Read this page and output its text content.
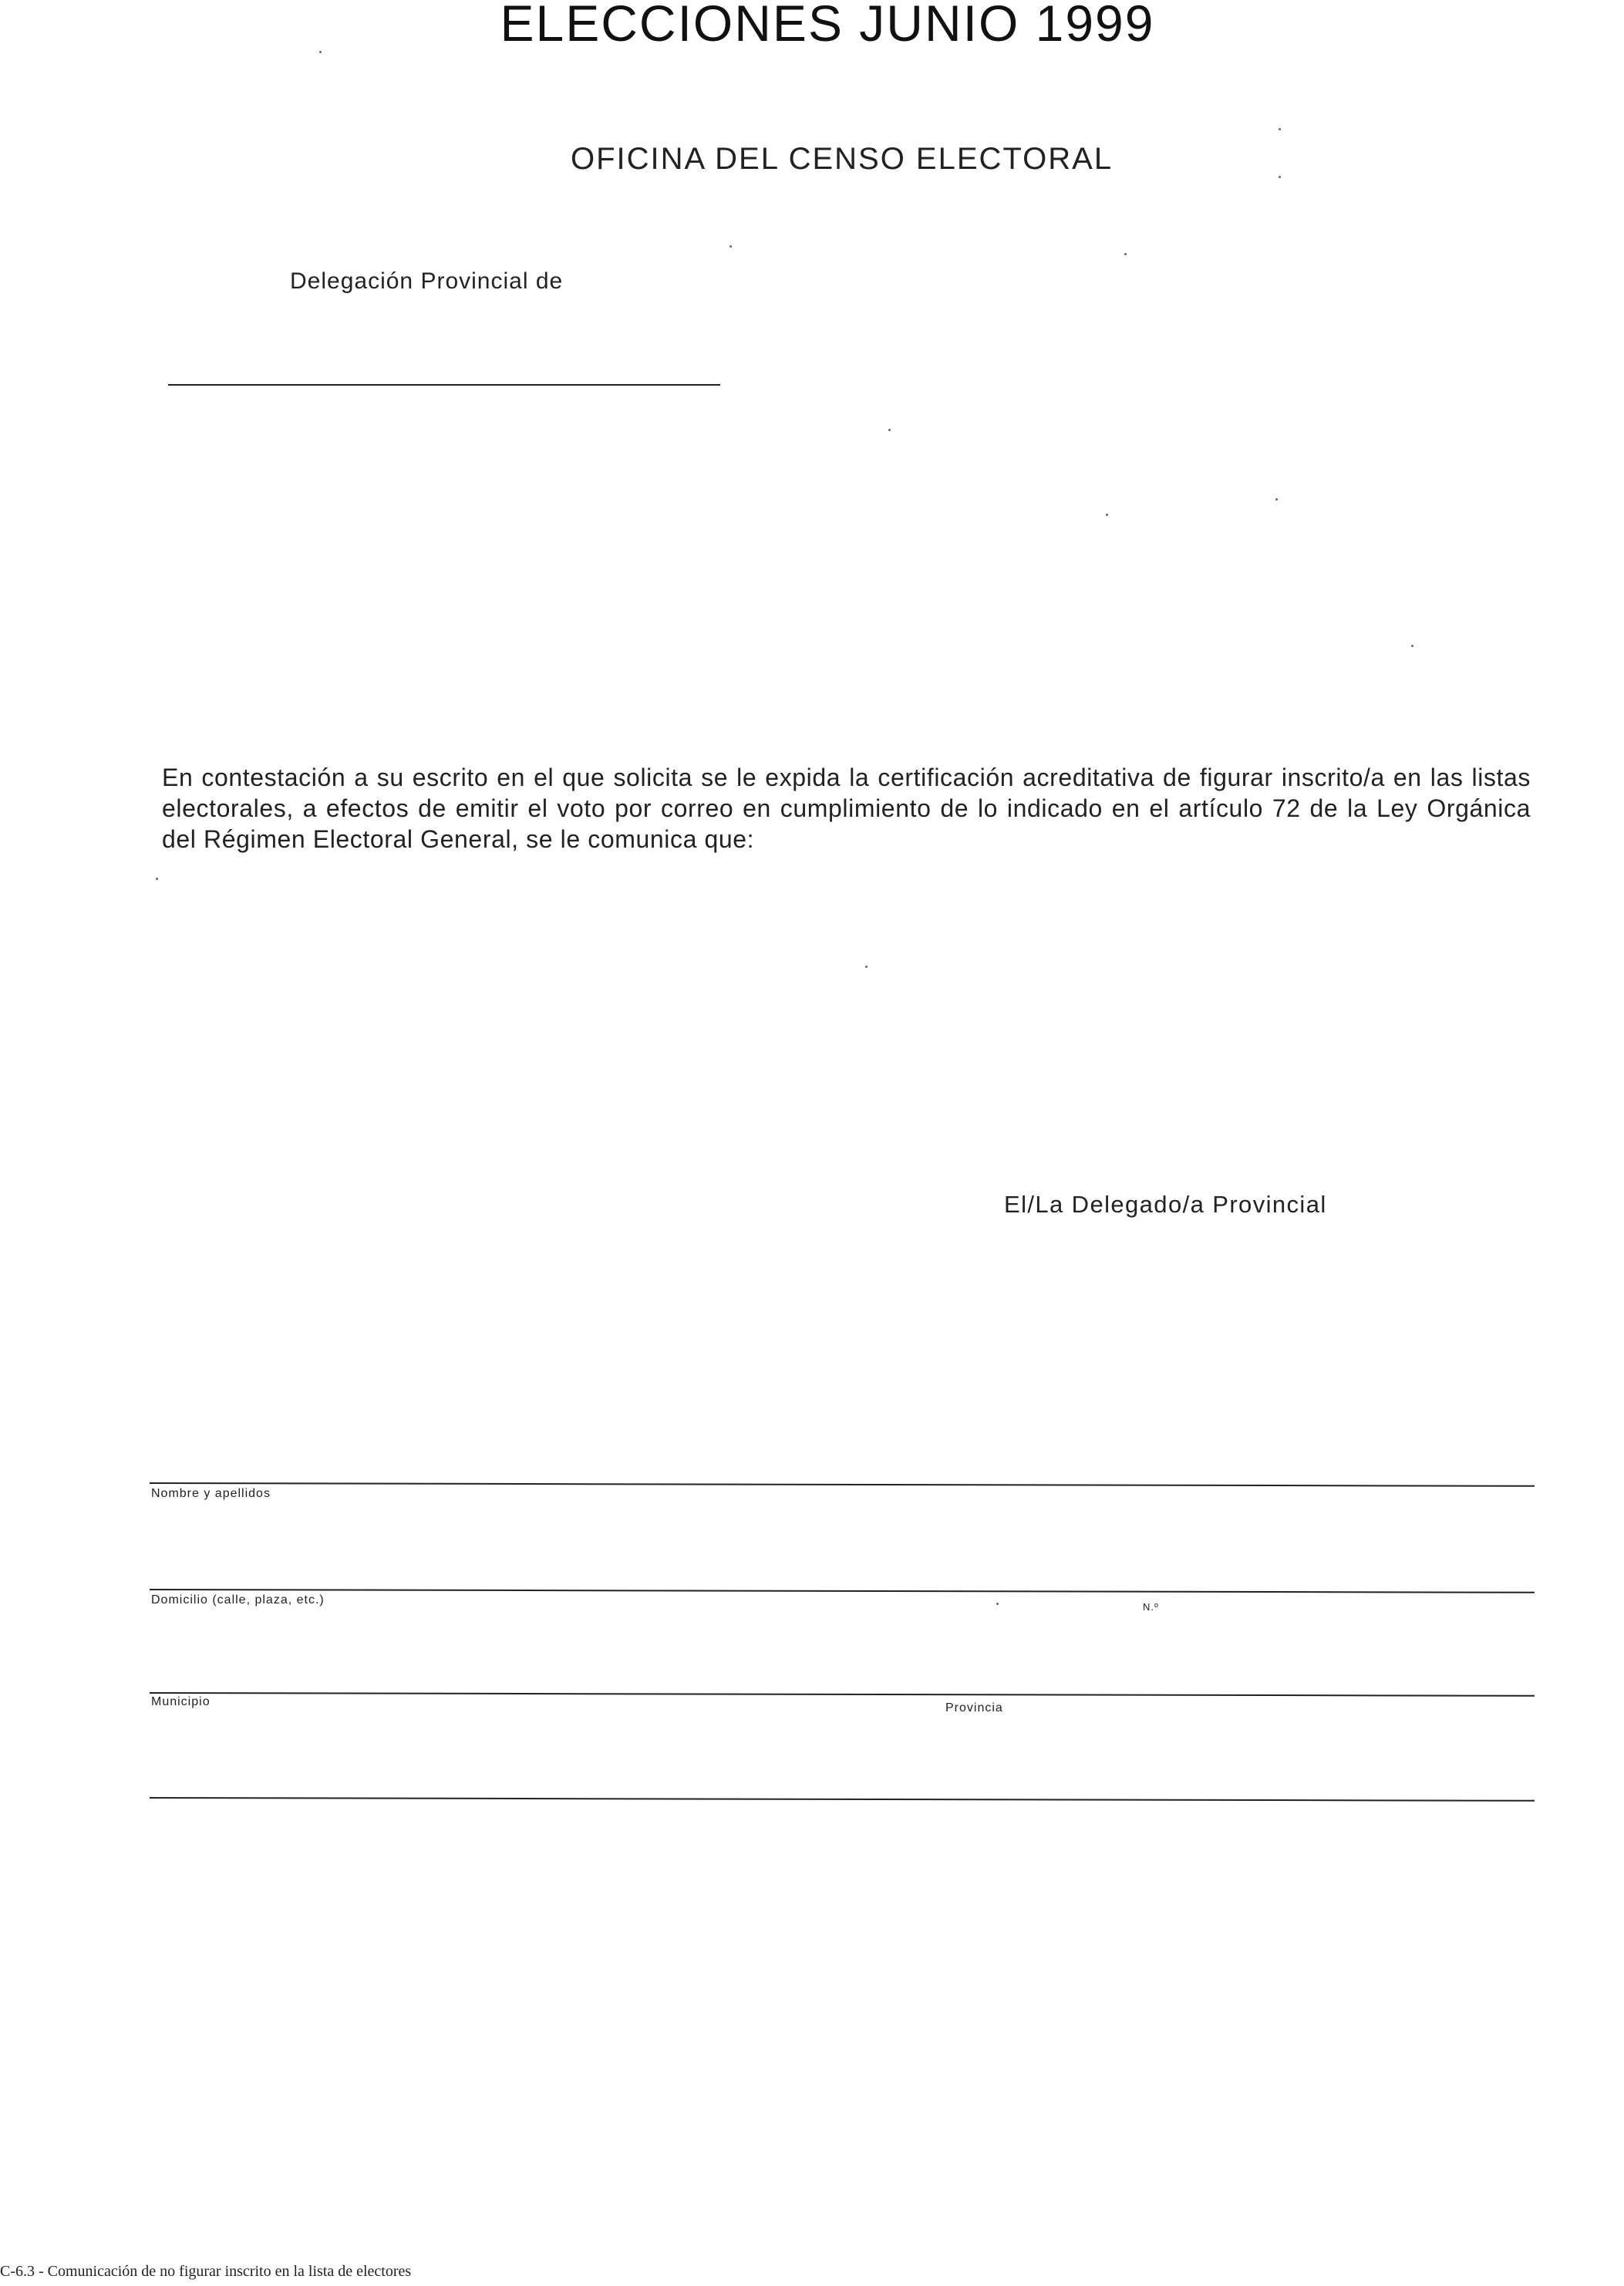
ELECCIONES JUNIO 1999
OFICINA DEL CENSO ELECTORAL
Delegación Provincial de
En contestación a su escrito en el que solicita se le expida la certificación acreditativa de figurar inscrito/a en las listas electorales, a efectos de emitir el voto por correo en cumplimiento de lo indicado en el artículo 72 de la Ley Orgánica del Régimen Electoral General, se le comunica que:
El/La Delegado/a Provincial
Nombre y apellidos
Domicilio (calle, plaza, etc.)
N.º
Municipio	Provincia
C-6.3 - Comunicación de no figurar inscrito en la lista de electores
